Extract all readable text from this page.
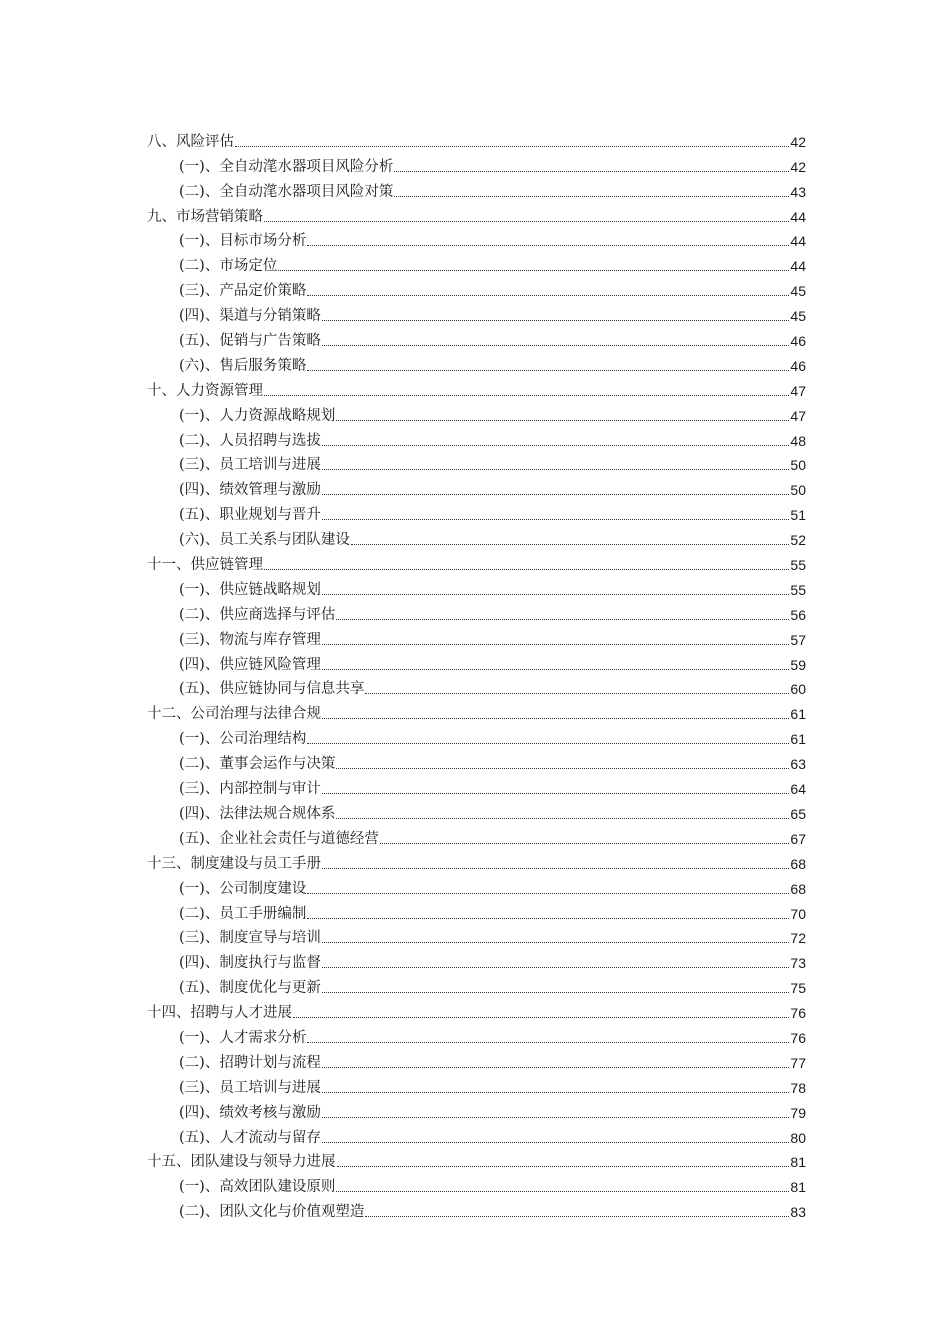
八、风险评估	42
(一)、全自动滗水器项目风险分析	42
(二)、全自动滗水器项目风险对策	43
九、市场营销策略	44
(一)、目标市场分析	44
(二)、市场定位	44
(三)、产品定价策略	45
(四)、渠道与分销策略	45
(五)、促销与广告策略	46
(六)、售后服务策略	46
十、人力资源管理	47
(一)、人力资源战略规划	47
(二)、人员招聘与选拔	48
(三)、员工培训与进展	50
(四)、绩效管理与激励	50
(五)、职业规划与晋升	51
(六)、员工关系与团队建设	52
十一、供应链管理	55
(一)、供应链战略规划	55
(二)、供应商选择与评估	56
(三)、物流与库存管理	57
(四)、供应链风险管理	59
(五)、供应链协同与信息共享	60
十二、公司治理与法律合规	61
(一)、公司治理结构	61
(二)、董事会运作与决策	63
(三)、内部控制与审计	64
(四)、法律法规合规体系	65
(五)、企业社会责任与道德经营	67
十三、制度建设与员工手册	68
(一)、公司制度建设	68
(二)、员工手册编制	70
(三)、制度宣导与培训	72
(四)、制度执行与监督	73
(五)、制度优化与更新	75
十四、招聘与人才进展	76
(一)、人才需求分析	76
(二)、招聘计划与流程	77
(三)、员工培训与进展	78
(四)、绩效考核与激励	79
(五)、人才流动与留存	80
十五、团队建设与领导力进展	81
(一)、高效团队建设原则	81
(二)、团队文化与价值观塑造	83
